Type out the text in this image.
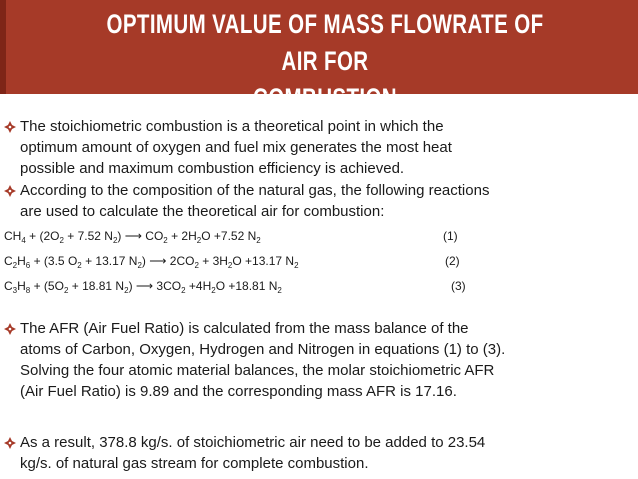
OPTIMUM VALUE OF MASS FLOWRATE OF AIR FOR
COMBUSTION
The stoichiometric combustion is a theoretical point in which the
optimum amount of oxygen and fuel mix generates the most heat
possible and maximum combustion efficiency is achieved.
According to the composition of the natural gas, the following reactions
are used to calculate the theoretical air for combustion:
The AFR (Air Fuel Ratio) is calculated from the mass balance of the
atoms of Carbon, Oxygen, Hydrogen and Nitrogen in equations (1) to (3).
Solving the four atomic material balances, the molar stoichiometric AFR
(Air Fuel Ratio) is 9.89 and the corresponding mass AFR is 17.16.
As a result, 378.8 kg/s. of stoichiometric air need to be added to 23.54
kg/s. of natural gas stream for complete combustion.
$CH_4 + (2O_2 + 7.52$ $N_2$) ⟶ $CO_2 + 2H_2O +7.52$ $N_2$	(1)
$C_2H_6 + (3.5$ $O_2 + 13.17$ $N_2$) ⟶ $2CO_2 + 3H_2O +13.17$ $N_2$	(2)
$C_3H_8 + (5O_2 + 18.81$ $N_2$) ⟶ $3CO_2 +4H_2O +18.81$ $N_2$	(3)
